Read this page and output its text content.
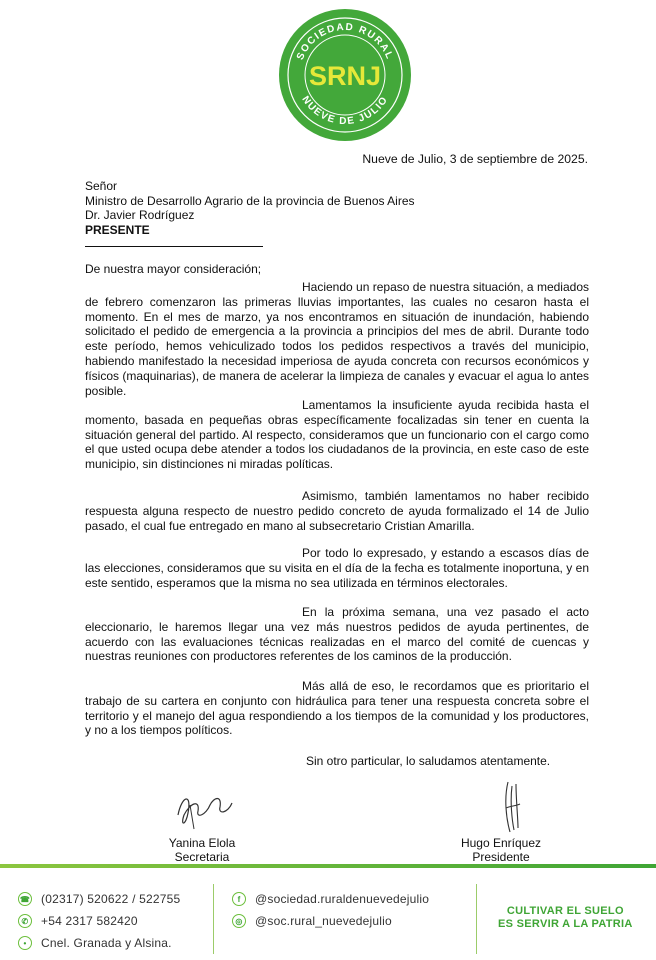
SOCIEDAD RURAL
NUEVE DE JULIO
SRNJ
Nueve de Julio, 3 de septiembre de 2025.
Señor
Ministro de Desarrollo Agrario de la provincia de Buenos Aires
Dr. Javier Rodríguez
PRESENTE
De nuestra mayor consideración;

Haciendo un repaso de nuestra situación, a mediados de febrero comenzaron las primeras lluvias importantes, las cuales no cesaron hasta el momento. En el mes de marzo, ya nos encontramos en situación de inundación, habiendo solicitado el pedido de emergencia a la provincia a principios del mes de abril. Durante todo este período, hemos vehiculizado todos los pedidos respectivos a través del municipio, habiendo manifestado la necesidad imperiosa de ayuda concreta con recursos económicos y físicos (maquinarias), de manera de acelerar la limpieza de canales y evacuar el agua lo antes posible.

Lamentamos la insuficiente ayuda recibida hasta el momento, basada en pequeñas obras específicamente focalizadas sin tener en cuenta la situación general del partido. Al respecto, consideramos que un funcionario con el cargo como el que usted ocupa debe atender a todos los ciudadanos de la provincia, en este caso de este municipio, sin distinciones ni miradas políticas.

Asimismo, también lamentamos no haber recibido respuesta alguna respecto de nuestro pedido concreto de ayuda formalizado el 14 de Julio pasado, el cual fue entregado en mano al subsecretario Cristian Amarilla.

Por todo lo expresado, y estando a escasos días de las elecciones, consideramos que su visita en el día de la fecha es totalmente inoportuna, y en este sentido, esperamos que la misma no sea utilizada en términos electorales.

En la próxima semana, una vez pasado el acto eleccionario, le haremos llegar una vez más nuestros pedidos de ayuda pertinentes, de acuerdo con las evaluaciones técnicas realizadas en el marco del comité de cuencas y nuestras reuniones con productores referentes de los caminos de la producción.

Más allá de eso, le recordamos que es prioritario el trabajo de su cartera en conjunto con hidráulica para tener una respuesta concreta sobre el territorio y el manejo del agua respondiendo a los tiempos de la comunidad y los productores, y no a los tiempos políticos.

Sin otro particular, lo saludamos atentamente.
Yanina Elola
Secretaria
Hugo Enríquez
Presidente
☎ (02317) 520622 / 522755
✆ +54 2317 582420
•	Cnel. Granada y Alsina.
f	@sociedad.ruraldenuevedejulio
◎ @soc.rural_nuevedejulio
CULTIVAR EL SUELO
ES SERVIR A LA PATRIA
